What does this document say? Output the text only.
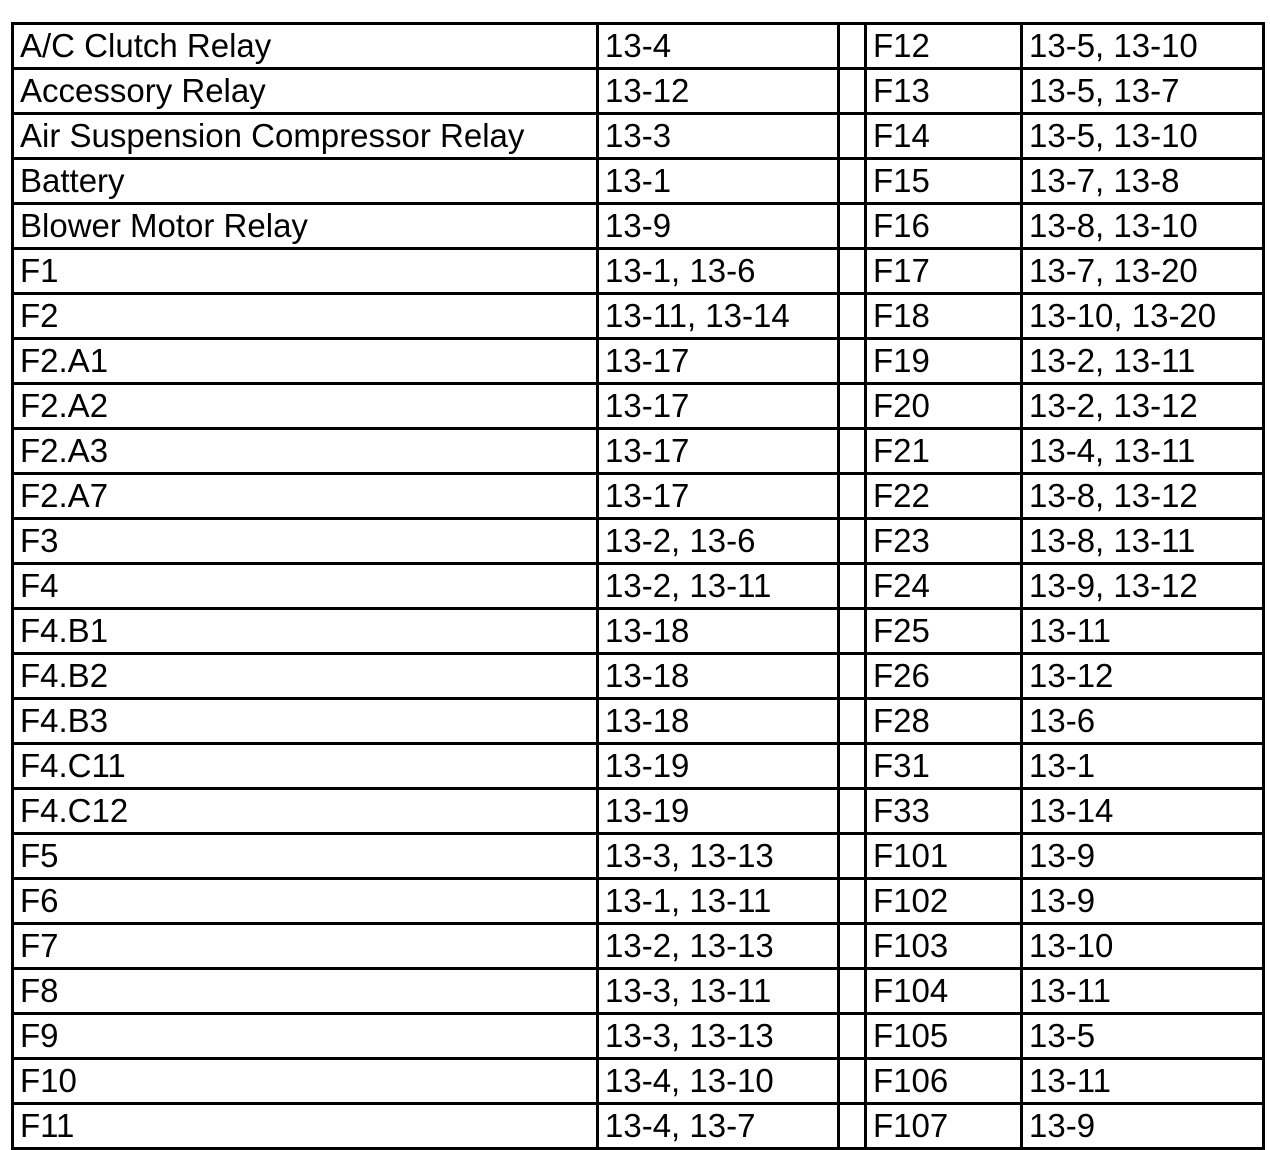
A/C Clutch Relay	13-4		F12	13-5, 13-10
Accessory Relay	13-12		F13	13-5, 13-7
Air Suspension Compressor Relay	13-3		F14	13-5, 13-10
Battery	13-1		F15	13-7, 13-8
Blower Motor Relay	13-9		F16	13-8, 13-10
F1	13-1, 13-6		F17	13-7, 13-20
F2	13-11, 13-14		F18	13-10, 13-20
F2.A1	13-17		F19	13-2, 13-11
F2.A2	13-17		F20	13-2, 13-12
F2.A3	13-17		F21	13-4, 13-11
F2.A7	13-17		F22	13-8, 13-12
F3	13-2, 13-6		F23	13-8, 13-11
F4	13-2, 13-11		F24	13-9, 13-12
F4.B1	13-18		F25	13-11
F4.B2	13-18		F26	13-12
F4.B3	13-18		F28	13-6
F4.C11	13-19		F31	13-1
F4.C12	13-19		F33	13-14
F5	13-3, 13-13		F101	13-9
F6	13-1, 13-11		F102	13-9
F7	13-2, 13-13		F103	13-10
F8	13-3, 13-11		F104	13-11
F9	13-3, 13-13		F105	13-5
F10	13-4, 13-10		F106	13-11
F11	13-4, 13-7		F107	13-9
